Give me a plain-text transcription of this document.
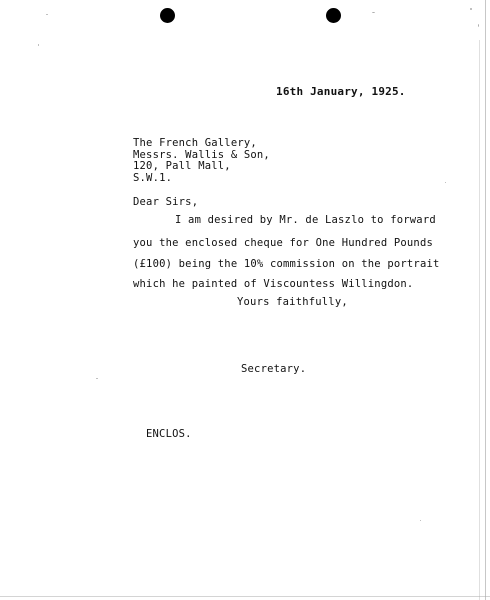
16th January, 1925.
The French Gallery,
Messrs. Wallis & Son,
120, Pall Mall,
S.W.1.
Dear Sirs,
I am desired by Mr. de Laszlo to forward
you the enclosed cheque for One Hundred Pounds
(£100) being the 10% commission on the portrait
which he painted of Viscountess Willingdon.
Yours faithfully,
Secretary.
ENCLOS.
